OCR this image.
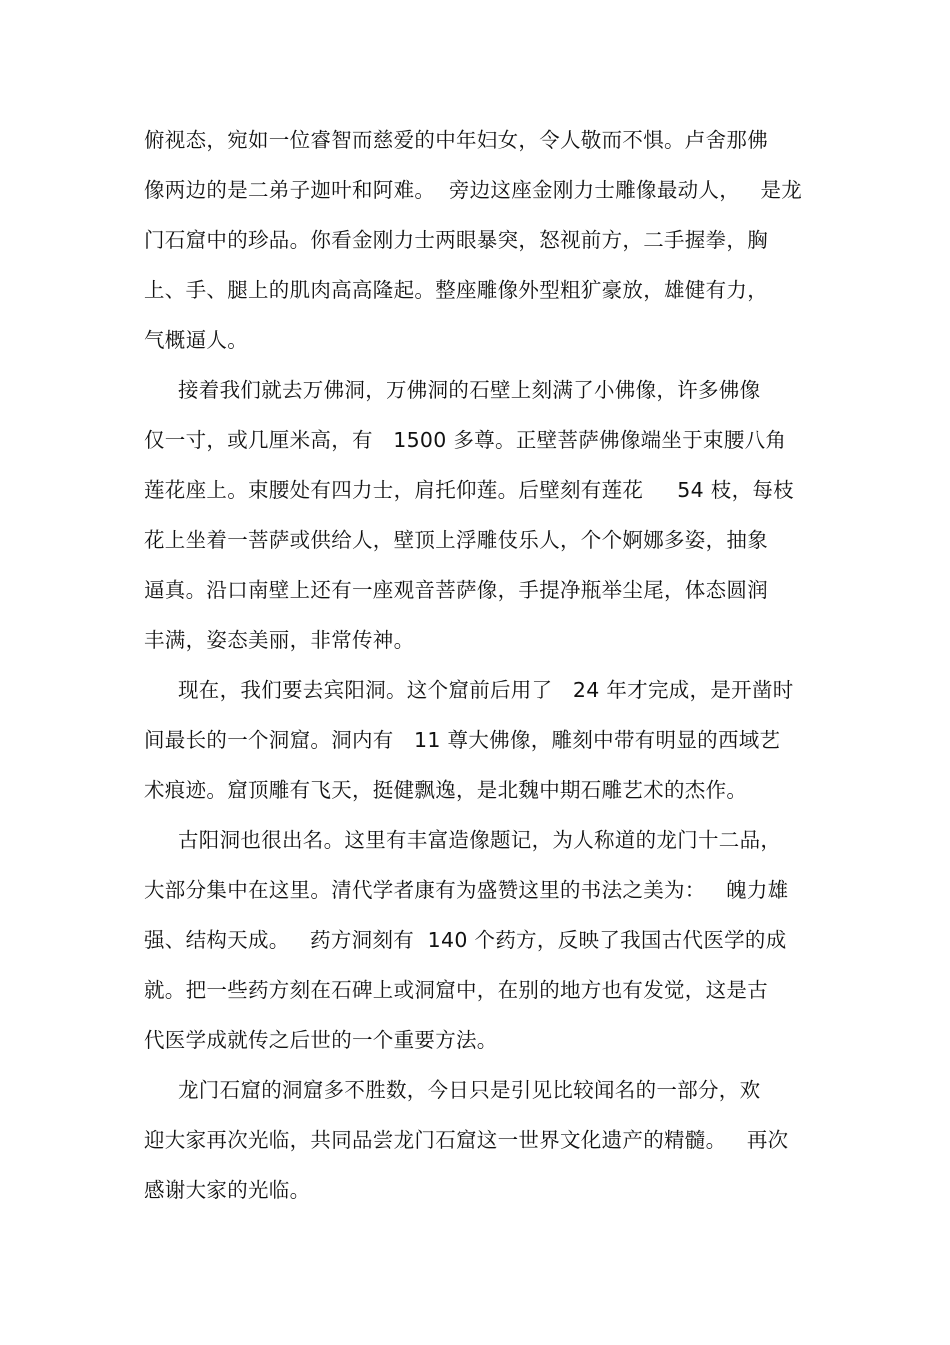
俯视态，宛如一位睿智而慈爱的中年妇女，令人敬而不惧。卢舍那佛
像两边的是二弟子迦叶和阿难。  旁边这座金刚力士雕像最动人，   是龙
门石窟中的珍品。你看金刚力士两眼暴突，怒视前方，二手握拳，胸
上、手、腿上的肌肉高高隆起。整座雕像外型粗犷豪放，雄健有力，
气概逼人。
接着我们就去万佛洞，万佛洞的石壁上刻满了小佛像，许多佛像
仅一寸，或几厘米高，有   1500 多尊。正壁菩萨佛像端坐于束腰八角
莲花座上。束腰处有四力士，肩托仰莲。后壁刻有莲花     54 枝，每枝
花上坐着一菩萨或供给人，壁顶上浮雕伎乐人，个个婀娜多姿，抽象
逼真。沿口南壁上还有一座观音菩萨像，手提净瓶举尘尾，体态圆润
丰满，姿态美丽，非常传神。
现在，我们要去宾阳洞。这个窟前后用了   24 年才完成，是开凿时
间最长的一个洞窟。洞内有   11 尊大佛像，雕刻中带有明显的西域艺
术痕迹。窟顶雕有飞天，挺健飘逸，是北魏中期石雕艺术的杰作。
古阳洞也很出名。这里有丰富造像题记，为人称道的龙门十二品，
大部分集中在这里。清代学者康有为盛赞这里的书法之美为：   魄力雄
强、结构天成。   药方洞刻有  140 个药方，反映了我国古代医学的成
就。把一些药方刻在石碑上或洞窟中，在别的地方也有发觉，这是古
代医学成就传之后世的一个重要方法。
龙门石窟的洞窟多不胜数，今日只是引见比较闻名的一部分，欢
迎大家再次光临，共同品尝龙门石窟这一世界文化遗产的精髓。   再次
感谢大家的光临。
